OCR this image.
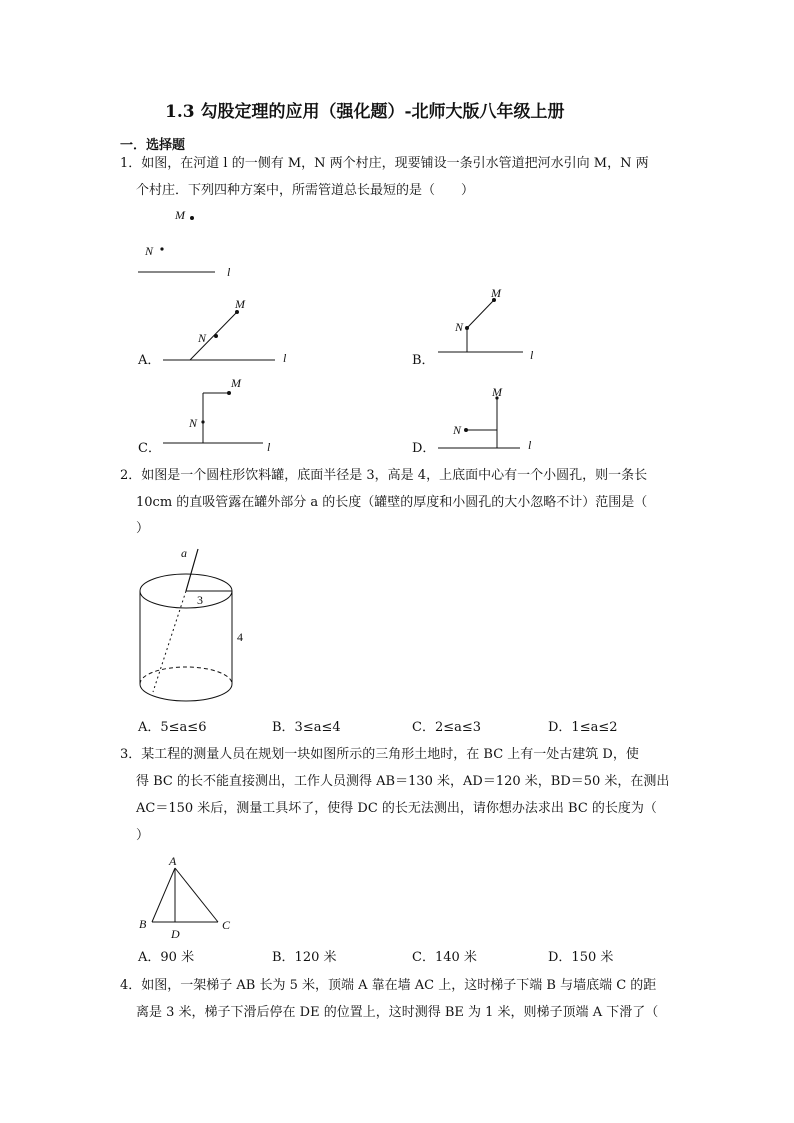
1.3 勾股定理的应用（强化题）-北师大版八年级上册
一．选择题
1．如图，在河道 l 的一侧有 M，N 两个村庄，现要铺设一条引水管道把河水引向 M，N 两
个村庄．下列四种方案中，所需管道总长最短的是（　　）
M
N
l
M
N
l
M
N
l
M
N
l
M
N
l
A．	B．
C．	D．
2．如图是一个圆柱形饮料罐，底面半径是 3，高是 4，上底面中心有一个小圆孔，则一条长
10cm 的直吸管露在罐外部分 a 的长度（罐壁的厚度和小圆孔的大小忽略不计）范围是（
）
a
3
4
A．5≤a≤6	B．3≤a≤4	C．2≤a≤3	D．1≤a≤2
3．某工程的测量人员在规划一块如图所示的三角形土地时，在 BC 上有一处古建筑 D，使
得 BC 的长不能直接测出，工作人员测得 AB＝130 米，AD＝120 米，BD＝50 米，在测出
AC＝150 米后，测量工具坏了，使得 DC 的长无法测出，请你想办法求出 BC 的长度为（
）
A
B	C
D
A．90 米	B．120 米	C．140 米	D．150 米
4．如图，一架梯子 AB 长为 5 米，顶端 A 靠在墙 AC 上，这时梯子下端 B 与墙底端 C 的距
离是 3 米，梯子下滑后停在 DE 的位置上，这时测得 BE 为 1 米，则梯子顶端 A 下滑了（
